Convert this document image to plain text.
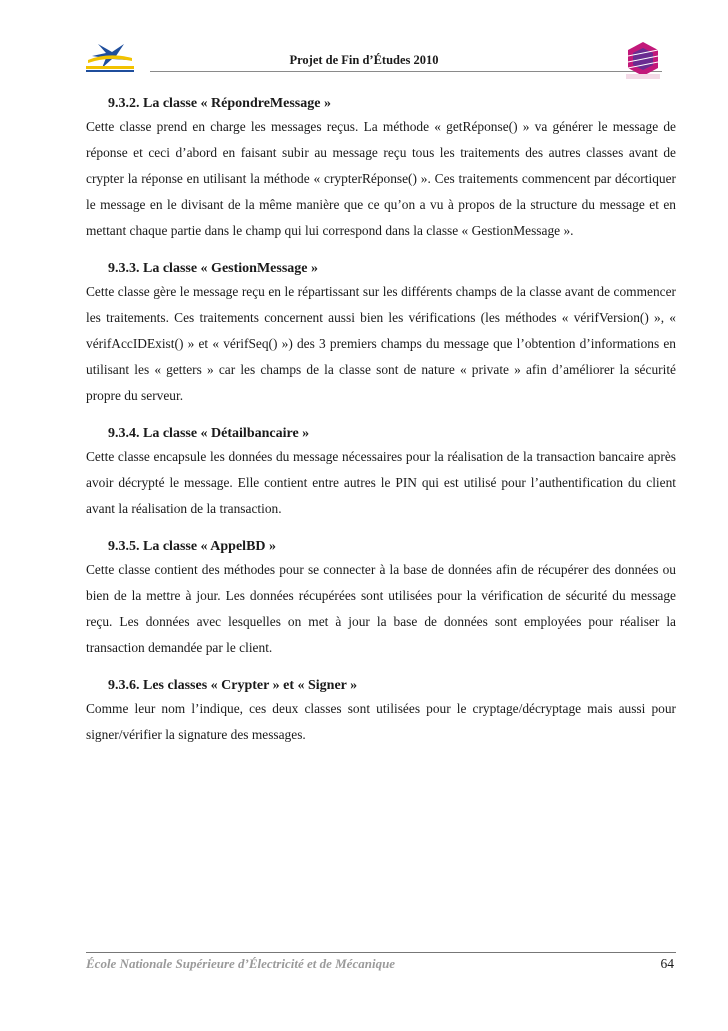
Projet de Fin d’Études 2010
9.3.2. La classe « RépondreMessage »

Cette classe prend en charge les messages reçus. La méthode « getRéponse() » va générer le message de réponse et ceci d’abord en faisant subir au message reçu tous les traitements des autres classes avant de crypter la réponse en utilisant la méthode « crypterRéponse() ». Ces traitements commencent par décortiquer le message en le divisant de la même manière que ce qu’on a vu à propos de la structure du message et en mettant chaque partie dans le champ qui lui correspond dans la classe « GestionMessage ».

9.3.3. La classe « GestionMessage »

Cette classe gère le message reçu en le répartissant sur les différents champs de la classe avant de commencer les traitements. Ces traitements concernent aussi bien les vérifications (les méthodes « vérifVersion() », « vérifAccIDExist() » et « vérifSeq() ») des 3 premiers champs du message que l’obtention d’informations en utilisant les « getters » car les champs de la classe sont de nature « private » afin d’améliorer la sécurité propre du serveur.

9.3.4. La classe « Détailbancaire »

Cette classe encapsule les données du message nécessaires pour la réalisation de la transaction bancaire après avoir décrypté le message. Elle contient entre autres le PIN qui est utilisé pour l’authentification du client avant la réalisation de la transaction.

9.3.5. La classe « AppelBD »

Cette classe contient des méthodes pour se connecter à la base de données afin de récupérer des données ou bien de la mettre à jour. Les données récupérées sont utilisées pour la vérification de sécurité du message reçu. Les données avec lesquelles on met à jour la base de données sont employées pour réaliser la transaction demandée par le client.

9.3.6. Les classes « Crypter » et « Signer »

Comme leur nom l’indique, ces deux classes sont utilisées pour le cryptage/décryptage mais aussi pour signer/vérifier la signature des messages.

École Nationale Supérieure d’Électricité et de Mécanique	64
